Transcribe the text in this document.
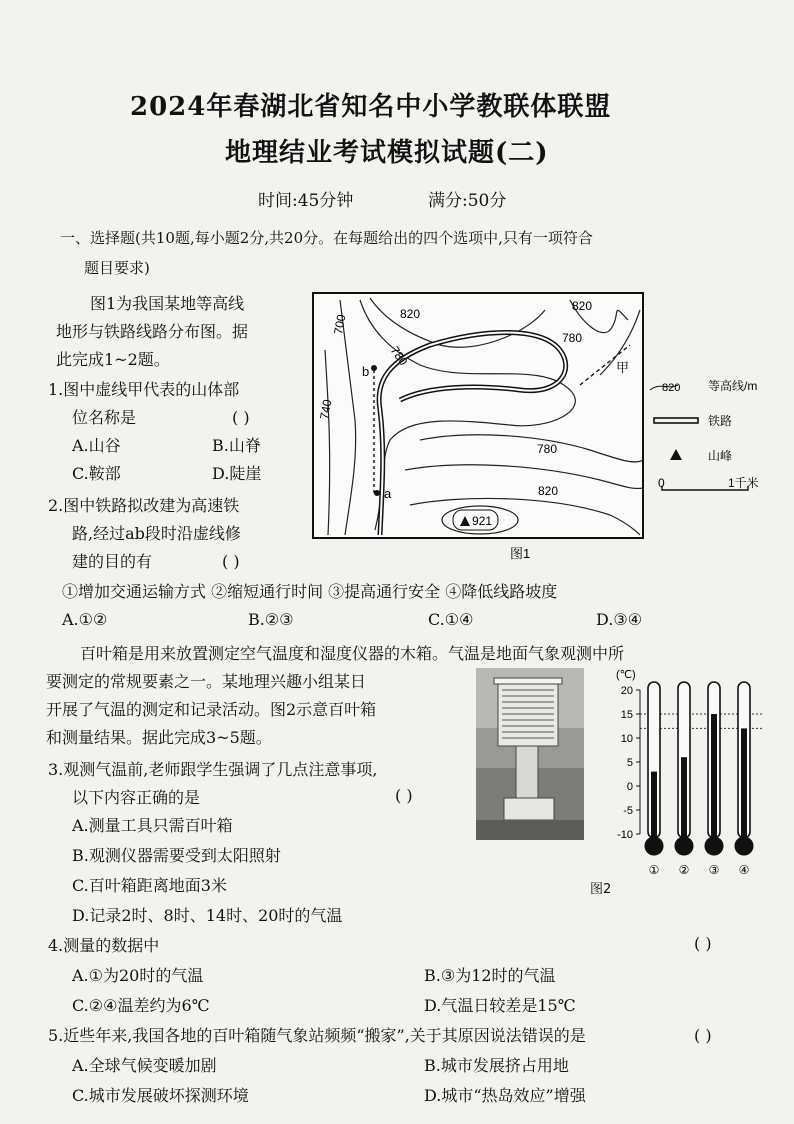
2024年春湖北省知名中小学教联体联盟
地理结业考试模拟试题(二)
时间:45分钟	满分:50分
一、选择题(共10题,每小题2分,共20分。在每题给出的四个选项中,只有一项符合
题目要求)
图1为我国某地等高线
地形与铁路线路分布图。据
此完成1~2题。
1.图中虚线甲代表的山体部
位名称是	( )
A.山谷	B.山脊
C.鞍部	D.陡崖
2.图中铁路拟改建为高速铁
路,经过ab段时沿虚线修
建的目的有	( )
①增加交通运输方式 ②缩短通行时间 ③提高通行安全 ④降低线路坡度
A.①②	B.②③	C.①④	D.③④
820
700
780
740
820
780
780
820
b
a
甲
921
820 等高线/m
铁路
山峰
0	1千米
图1
百叶箱是用来放置测定空气温度和湿度仪器的木箱。气温是地面气象观测中所
要测定的常规要素之一。某地理兴趣小组某日
开展了气温的测定和记录活动。图2示意百叶箱
和测量结果。据此完成3~5题。
3.观测气温前,老师跟学生强调了几点注意事项,
以下内容正确的是	( )
A.测量工具只需百叶箱
B.观测仪器需要受到太阳照射
C.百叶箱距离地面3米
D.记录2时、8时、14时、20时的气温
(℃)
20
15
10
5
0
-5
-10
① ② ③ ④
图2
4.测量的数据中	( )
A.①为20时的气温	B.③为12时的气温
C.②④温差约为6℃	D.气温日较差是15℃
5.近些年来,我国各地的百叶箱随气象站频频“搬家”,关于其原因说法错误的是	( )
A.全球气候变暖加剧	B.城市发展挤占用地
C.城市发展破坏探测环境	D.城市“热岛效应”增强
